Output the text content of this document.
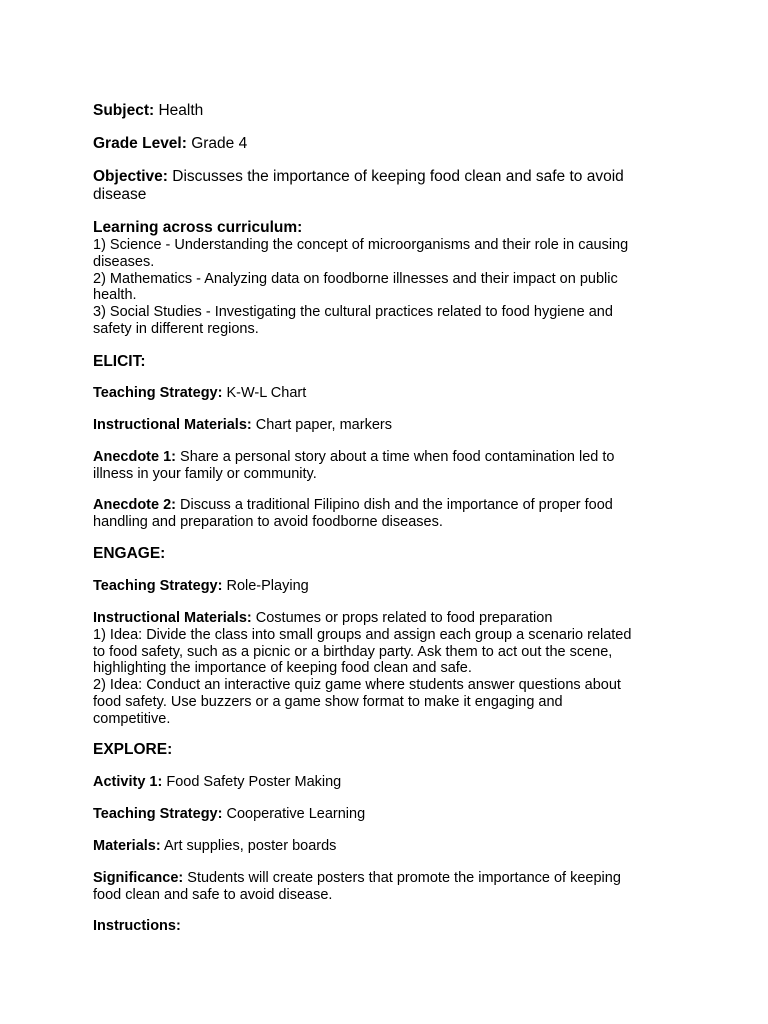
Subject: Health
Grade Level: Grade 4
Objective: Discusses the importance of keeping food clean and safe to avoid
disease
Learning across curriculum:
1) Science - Understanding the concept of microorganisms and their role in causing
diseases.
2) Mathematics - Analyzing data on foodborne illnesses and their impact on public
health.
3) Social Studies - Investigating the cultural practices related to food hygiene and
safety in different regions.
ELICIT:
Teaching Strategy: K-W-L Chart
Instructional Materials: Chart paper, markers
Anecdote 1: Share a personal story about a time when food contamination led to
illness in your family or community.
Anecdote 2: Discuss a traditional Filipino dish and the importance of proper food
handling and preparation to avoid foodborne diseases.
ENGAGE:
Teaching Strategy: Role-Playing
Instructional Materials: Costumes or props related to food preparation
1) Idea: Divide the class into small groups and assign each group a scenario related
to food safety, such as a picnic or a birthday party. Ask them to act out the scene,
highlighting the importance of keeping food clean and safe.
2) Idea: Conduct an interactive quiz game where students answer questions about
food safety. Use buzzers or a game show format to make it engaging and
competitive.
EXPLORE:
Activity 1: Food Safety Poster Making
Teaching Strategy: Cooperative Learning
Materials: Art supplies, poster boards
Significance: Students will create posters that promote the importance of keeping
food clean and safe to avoid disease.
Instructions:
